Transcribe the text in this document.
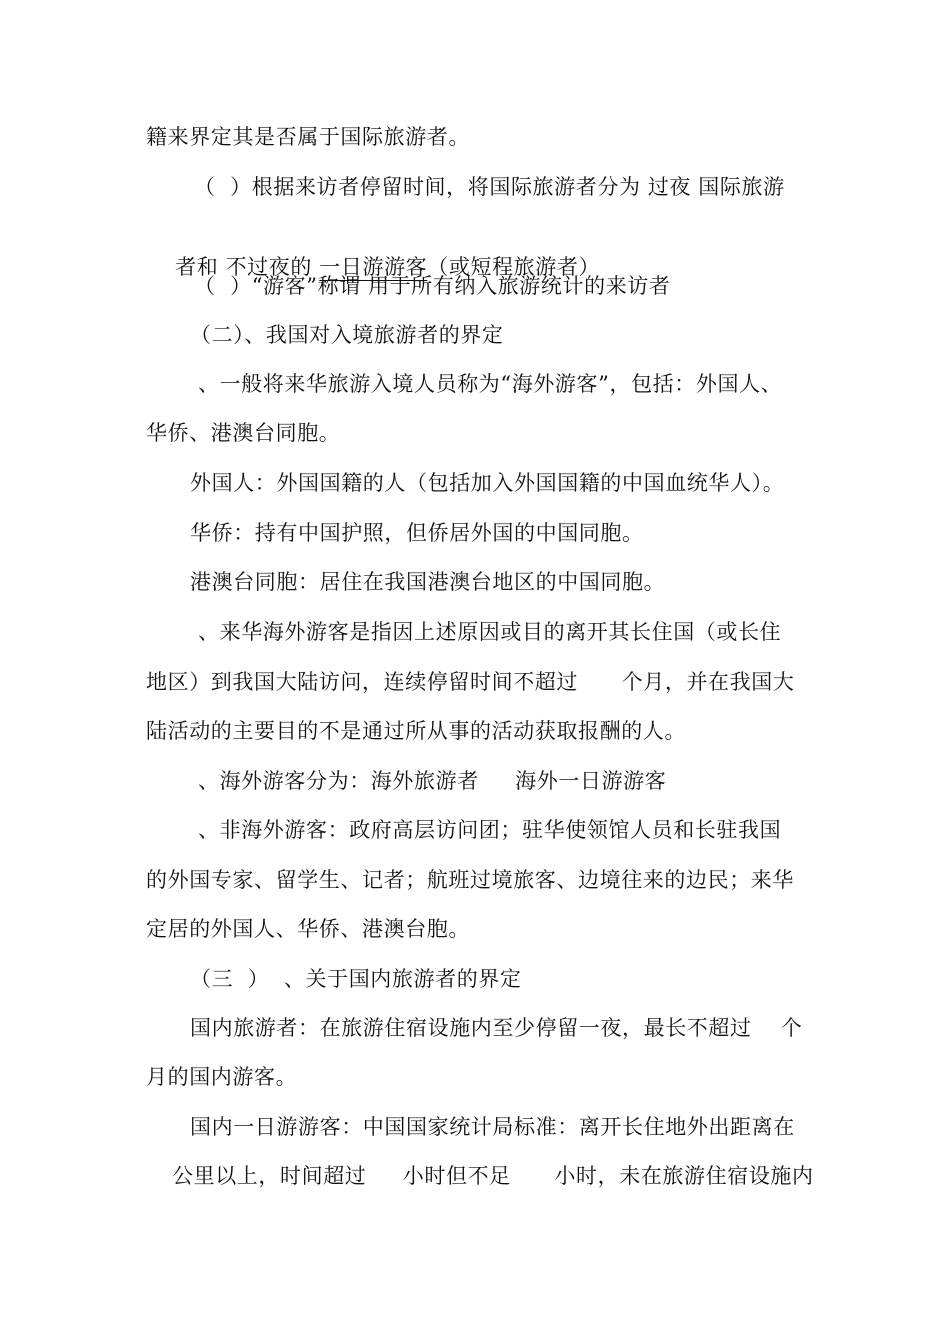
籍来界定其是否属于国际旅游者。
（  ）根据来访者停留时间，将国际旅游者分为 过夜 国际旅游

者和 不过夜的 一日游游客（或短程旅游者）

（  ）“游客”称谓 用于所有纳入旅游统计的来访者
（二）、我国对入境旅游者的界定
、一般将来华旅游入境人员称为“海外游客”，包括：外国人、
华侨、港澳台同胞。
外国人：外国国籍的人（包括加入外国国籍的中国血统华人）。
华侨：持有中国护照，但侨居外国的中国同胞。
港澳台同胞：居住在我国港澳台地区的中国同胞。
、来华海外游客是指因上述原因或目的离开其长住国（或长住
地区）到我国大陆访问，连续停留时间不超过      个月，并在我国大
陆活动的主要目的不是通过所从事的活动获取报酬的人。
、海外游客分为：海外旅游者     海外一日游游客
、非海外游客：政府高层访问团；驻华使领馆人员和长驻我国
的外国专家、留学生、记者；航班过境旅客、边境往来的边民；来华
定居的外国人、华侨、港澳台胞。
（三  ）  、关于国内旅游者的界定
国内旅游者：在旅游住宿设施内至少停留一夜，最长不超过    个
月的国内游客。
国内一日游游客：中国国家统计局标准：离开长住地外出距离在
公里以上，时间超过     小时但不足      小时，未在旅游住宿设施内
